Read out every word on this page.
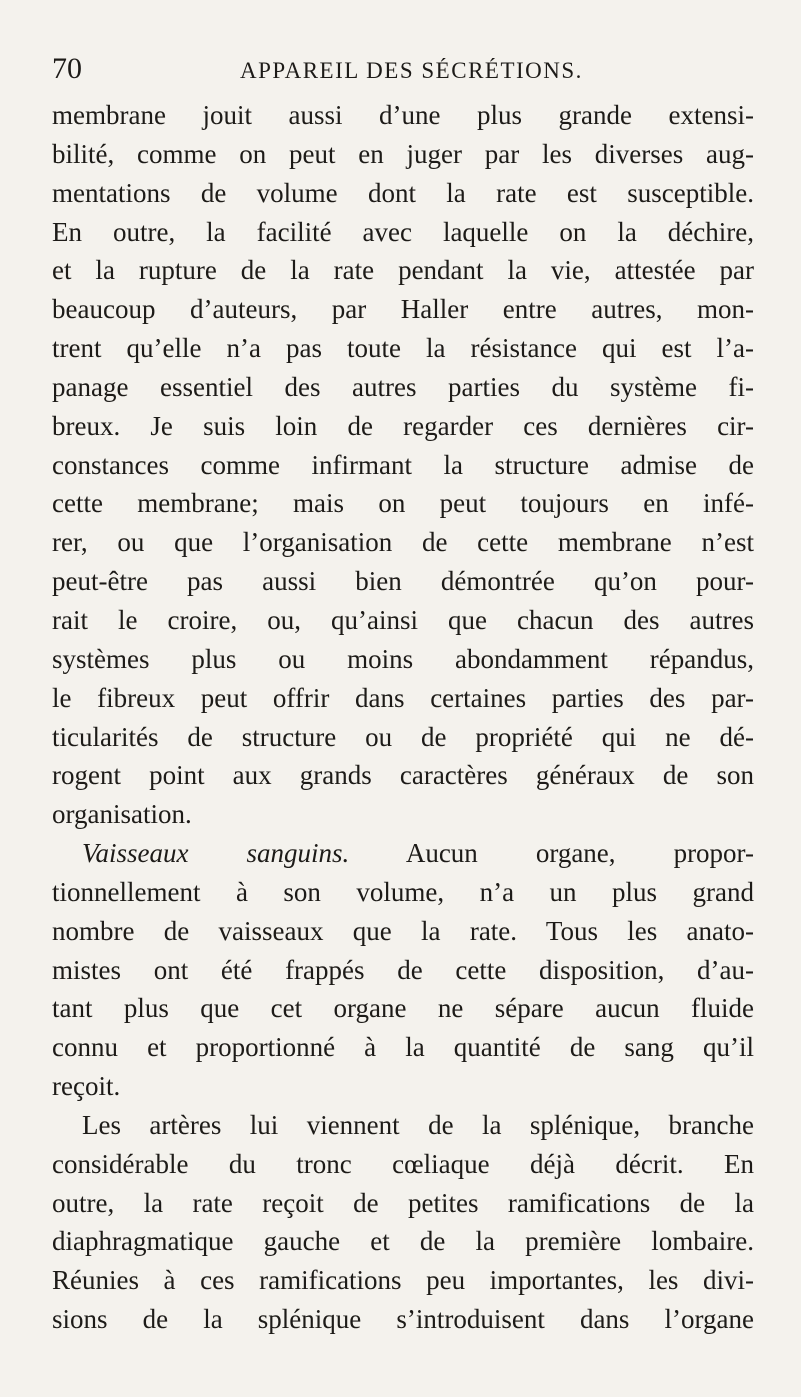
70	APPAREIL DES SÉCRÉTIONS.
membrane jouit aussi d’une plus grande extensi-
bilité, comme on peut en juger par les diverses aug-
mentations de volume dont la rate est susceptible.
En outre, la facilité avec laquelle on la déchire,
et la rupture de la rate pendant la vie, attestée par
beaucoup d’auteurs, par Haller entre autres, mon-
trent qu’elle n’a pas toute la résistance qui est l’a-
panage essentiel des autres parties du système fi-
breux. Je suis loin de regarder ces dernières cir-
constances comme infirmant la structure admise de
cette membrane; mais on peut toujours en infé-
rer, ou que l’organisation de cette membrane n’est
peut-être pas aussi bien démontrée qu’on pour-
rait le croire, ou, qu’ainsi que chacun des autres
systèmes plus ou moins abondamment répandus,
le fibreux peut offrir dans certaines parties des par-
ticularités de structure ou de propriété qui ne dé-
rogent point aux grands caractères généraux de son
organisation.
Vaisseaux sanguins. Aucun organe, propor-
tionnellement à son volume, n’a un plus grand
nombre de vaisseaux que la rate. Tous les anato-
mistes ont été frappés de cette disposition, d’au-
tant plus que cet organe ne sépare aucun fluide
connu et proportionné à la quantité de sang qu’il
reçoit.
Les artères lui viennent de la splénique, branche
considérable du tronc cœliaque déjà décrit. En
outre, la rate reçoit de petites ramifications de la
diaphragmatique gauche et de la première lombaire.
Réunies à ces ramifications peu importantes, les divi-
sions de la splénique s’introduisent dans l’organe
